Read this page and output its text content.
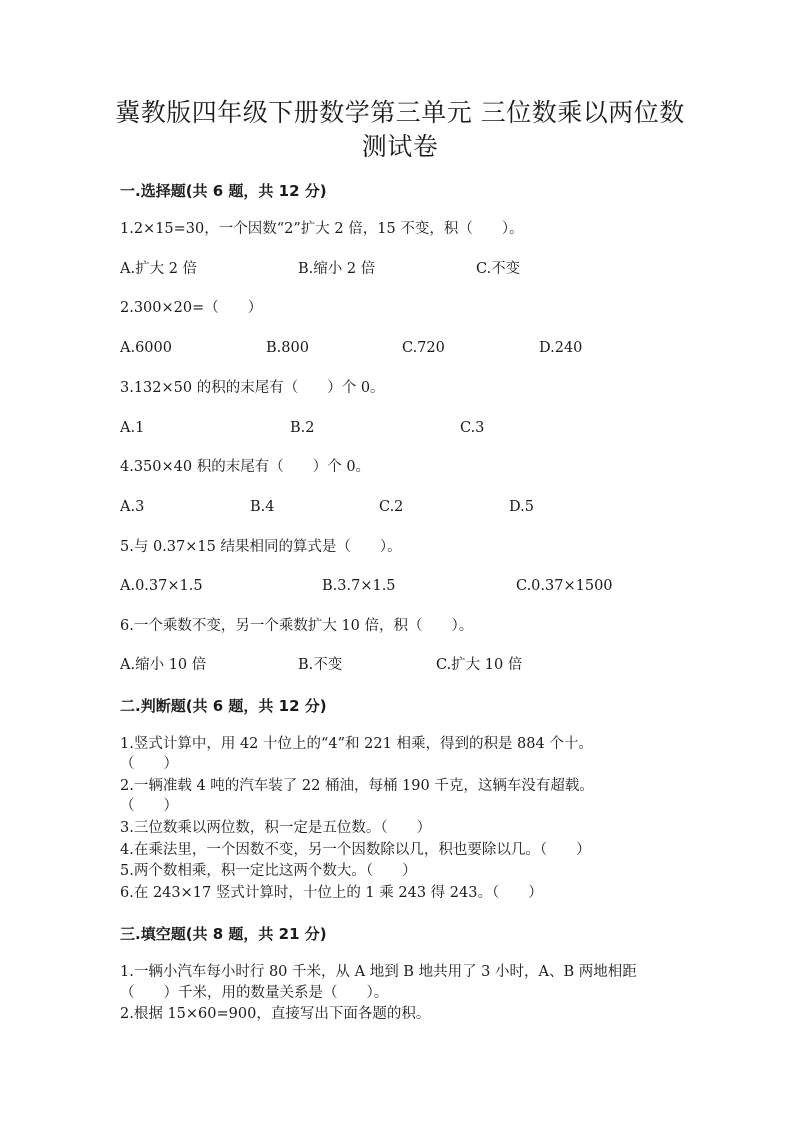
冀教版四年级下册数学第三单元 三位数乘以两位数
测试卷
一.选择题(共 6 题，共 12 分)
1.2×15=30，一个因数“2”扩大 2 倍，15 不变，积（　　）。
A.扩大 2 倍	B.缩小 2 倍	C.不变
2.300×20=（　　）
A.6000	B.800	C.720	D.240
3.132×50 的积的末尾有（　　）个 0。
A.1	B.2	C.3
4.350×40 积的末尾有（　　）个 0。
A.3	B.4	C.2	D.5
5.与 0.37×15 结果相同的算式是（　　）。
A.0.37×1.5	B.3.7×1.5	C.0.37×1500
6.一个乘数不变，另一个乘数扩大 10 倍，积（　　）。
A.缩小 10 倍	B.不变	C.扩大 10 倍
二.判断题(共 6 题，共 12 分)
1.竖式计算中，用 42 十位上的“4”和 221 相乘，得到的积是 884 个十。
（　　）
2.一辆准载 4 吨的汽车装了 22 桶油，每桶 190 千克，这辆车没有超载。
（　　）
3.三位数乘以两位数，积一定是五位数。（　　）
4.在乘法里，一个因数不变，另一个因数除以几，积也要除以几。（　　）
5.两个数相乘，积一定比这两个数大。（　　）
6.在 243×17 竖式计算时，十位上的 1 乘 243 得 243。（　　）
三.填空题(共 8 题，共 21 分)
1.一辆小汽车每小时行 80 千米，从 A 地到 B 地共用了 3 小时，A、B 两地相距
（　　）千米，用的数量关系是（　　）。
2.根据 15×60=900，直接写出下面各题的积。
